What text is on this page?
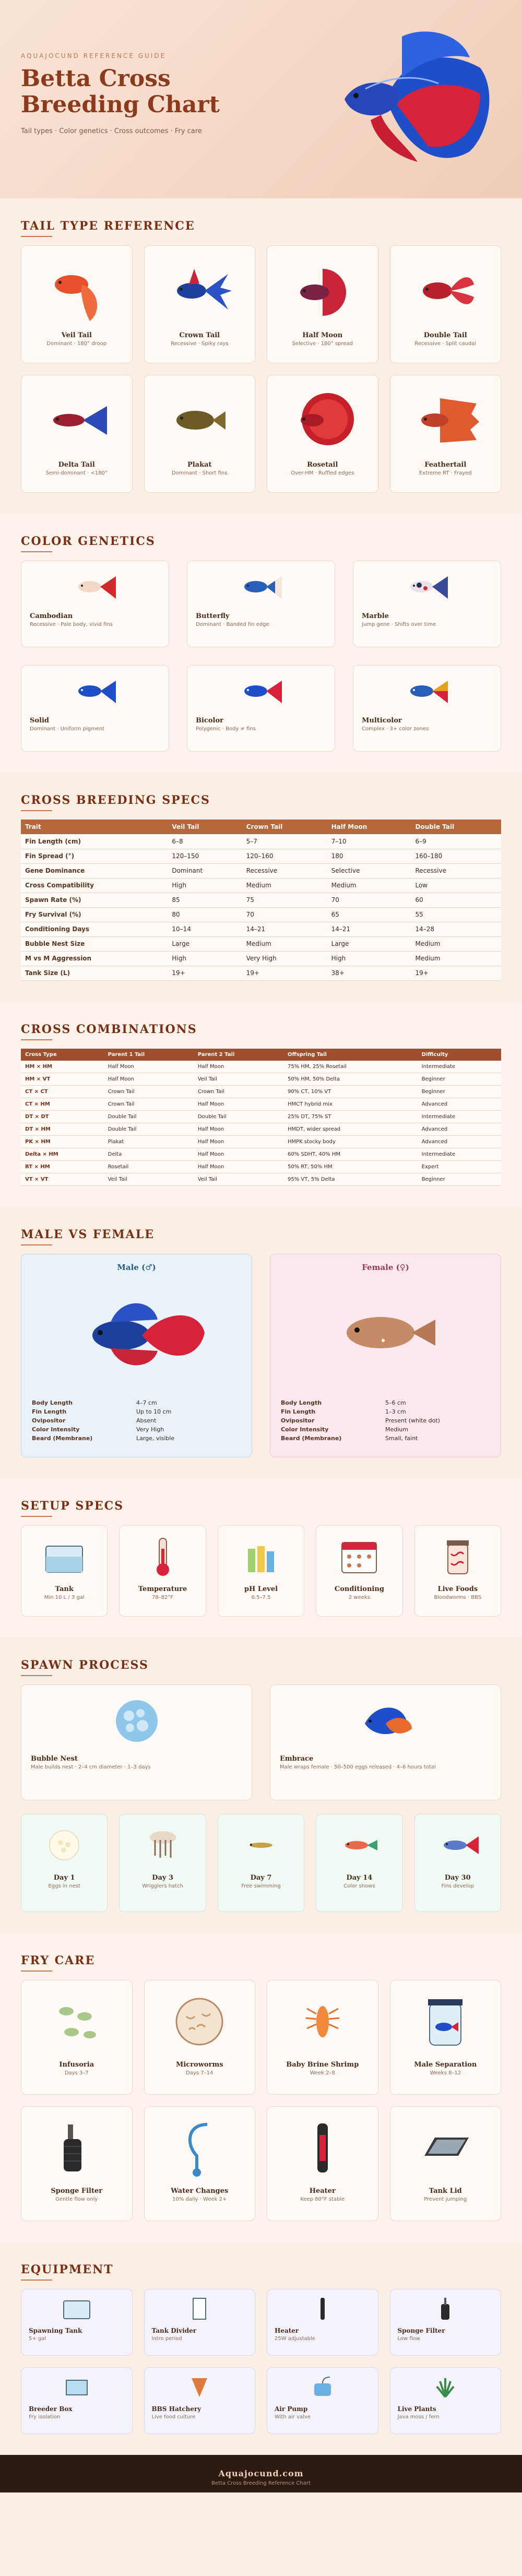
AQUAJOCUND REFERENCE GUIDE
Betta Cross
Breeding Chart
Tail types · Color genetics · Cross outcomes · Fry care
TAIL TYPE REFERENCE
Veil Tail
Dominant · 180° droop
Crown Tail
Recessive · Spiky rays
Half Moon
Selective · 180° spread
Double Tail
Recessive · Split caudal
Delta Tail
Semi-dominant · <180°
Plakat
Dominant · Short fins
Rosetail
Over-HM · Ruffled edges
Feathertail
Extreme RT · Frayed
COLOR GENETICS
Cambodian
Recessive · Pale body, vivid fins
Butterfly
Dominant · Banded fin edge
Marble
Jump gene · Shifts over time
Solid
Dominant · Uniform pigment
Bicolor
Polygenic · Body ≠ fins
Multicolor
Complex · 3+ color zones
CROSS BREEDING SPECS
Trait	Veil Tail	Crown Tail	Half Moon	Double Tail
Fin Length (cm)	6–8	5–7	7–10	6–9
Fin Spread (°)	120–150	120–160	180	160–180
Gene Dominance	Dominant	Recessive	Selective	Recessive
Cross Compatibility	High	Medium	Medium	Low
Spawn Rate (%)	85	75	70	60
Fry Survival (%)	80	70	65	55
Conditioning Days	10–14	14–21	14–21	14–28
Bubble Nest Size	Large	Medium	Large	Medium
M vs M Aggression	High	Very High	High	Medium
Tank Size (L)	19+	19+	38+	19+
CROSS COMBINATIONS
Cross Type	Parent 1 Tail	Parent 2 Tail	Offspring Tail	Difficulty
HM × HM	Half Moon	Half Moon	75% HM, 25% Rosetail	Intermediate
HM × VT	Half Moon	Veil Tail	50% HM, 50% Delta	Beginner
CT × CT	Crown Tail	Crown Tail	90% CT, 10% VT	Beginner
CT × HM	Crown Tail	Half Moon	HMCT hybrid mix	Advanced
DT × DT	Double Tail	Double Tail	25% DT, 75% ST	Intermediate
DT × HM	Double Tail	Half Moon	HMDT, wider spread	Advanced
PK × HM	Plakat	Half Moon	HMPK stocky body	Advanced
Delta × HM	Delta	Half Moon	60% SDHT, 40% HM	Intermediate
RT × HM	Rosetail	Half Moon	50% RT, 50% HM	Expert
VT × VT	Veil Tail	Veil Tail	95% VT, 5% Delta	Beginner
MALE VS FEMALE
Male (♂)
Body Length	4–7 cm
Fin Length	Up to 10 cm
Ovipositor	Absent
Color Intensity	Very High
Beard (Membrane)	Large, visible
Female (♀)
Body Length	5–6 cm
Fin Length	1–3 cm
Ovipositor	Present (white dot)
Color Intensity	Medium
Beard (Membrane)	Small, faint
SETUP SPECS
Tank
Min 10 L / 3 gal
Temperature
78–82°F
pH Level
6.5–7.5
Conditioning
2 weeks
Live Foods
Bloodworms · BBS
SPAWN PROCESS
Bubble Nest
Male builds nest · 2–4 cm diameter · 1–3 days
Embrace
Male wraps female · 50–500 eggs released · 4–6 hours total
Day 1
Eggs in nest
Day 3
Wrigglers hatch
Day 7
Free swimming
Day 14
Color shows
Day 30
Fins develop
FRY CARE
Infusoria
Days 3–7
Microworms
Days 7–14
Baby Brine Shrimp
Week 2–8
Male Separation
Weeks 8–12
Sponge Filter
Gentle flow only
Water Changes
10% daily · Week 2+
Heater
Keep 80°F stable
Tank Lid
Prevent jumping
EQUIPMENT
Spawning Tank
5+ gal
Tank Divider
Intro period
Heater
25W adjustable
Sponge Filter
Low flow
Breeder Box
Fry isolation
BBS Hatchery
Live food culture
Air Pump
With air valve
Live Plants
Java moss / fern
Aquajocund.com
Betta Cross Breeding Reference Chart
